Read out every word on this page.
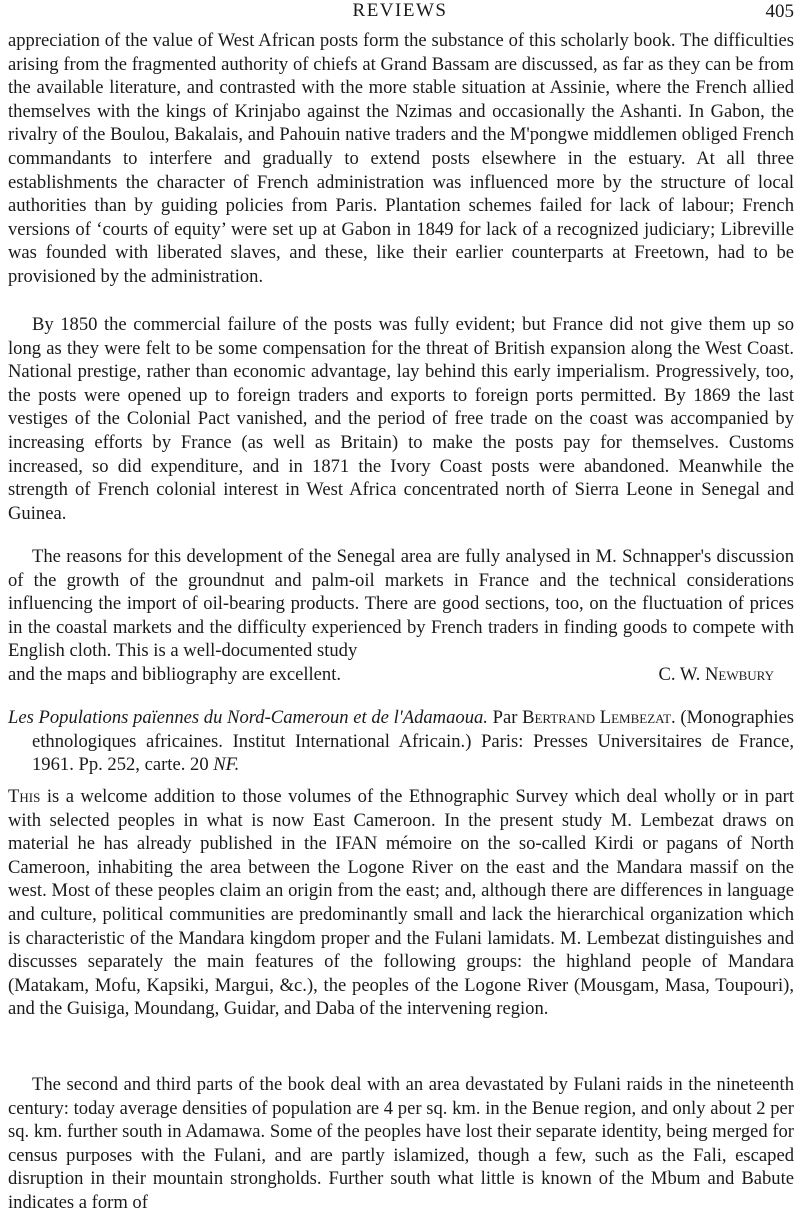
REVIEWS	405

appreciation of the value of West African posts form the substance of this scholarly book. The difficulties arising from the fragmented authority of chiefs at Grand Bassam are discussed, as far as they can be from the available literature, and contrasted with the more stable situation at Assinie, where the French allied themselves with the kings of Krinjabo against the Nzimas and occasionally the Ashanti. In Gabon, the rivalry of the Boulou, Bakalais, and Pahouin native traders and the M'pongwe middlemen obliged French commandants to interfere and gradually to extend posts elsewhere in the estuary. At all three establishments the character of French administration was influenced more by the structure of local authorities than by guiding policies from Paris. Plantation schemes failed for lack of labour; French versions of ‘courts of equity’ were set up at Gabon in 1849 for lack of a recognized judiciary; Libreville was founded with liberated slaves, and these, like their earlier counterparts at Freetown, had to be provisioned by the administration.

By 1850 the commercial failure of the posts was fully evident; but France did not give them up so long as they were felt to be some compensation for the threat of British expansion along the West Coast. National prestige, rather than economic advantage, lay behind this early imperialism. Progressively, too, the posts were opened up to foreign traders and exports to foreign ports permitted. By 1869 the last vestiges of the Colonial Pact vanished, and the period of free trade on the coast was accompanied by increasing efforts by France (as well as Britain) to make the posts pay for themselves. Customs increased, so did expenditure, and in 1871 the Ivory Coast posts were abandoned. Meanwhile the strength of French colonial interest in West Africa concentrated north of Sierra Leone in Senegal and Guinea.

The reasons for this development of the Senegal area are fully analysed in M. Schnapper's discussion of the growth of the groundnut and palm-oil markets in France and the technical considerations influencing the import of oil-bearing products. There are good sections, too, on the fluctuation of prices in the coastal markets and the difficulty experienced by French traders in finding goods to compete with English cloth. This is a well-documented study
and the maps and bibliography are excellent.	C. W. Newbury

Les Populations païennes du Nord-Cameroun et de l'Adamaoua. Par Bertrand Lembezat. (Monographies ethnologiques africaines. Institut International Africain.) Paris: Presses Universitaires de France, 1961. Pp. 252, carte. 20 NF.

This is a welcome addition to those volumes of the Ethnographic Survey which deal wholly or in part with selected peoples in what is now East Cameroon. In the present study M. Lembezat draws on material he has already published in the IFAN mémoire on the so-called Kirdi or pagans of North Cameroon, inhabiting the area between the Logone River on the east and the Mandara massif on the west. Most of these peoples claim an origin from the east; and, although there are differences in language and culture, political communities are predominantly small and lack the hierarchical organization which is characteristic of the Mandara kingdom proper and the Fulani lamidats. M. Lembezat distinguishes and discusses separately the main features of the following groups: the highland people of Mandara (Matakam, Mofu, Kapsiki, Margui, &c.), the peoples of the Logone River (Mousgam, Masa, Toupouri), and the Guisiga, Moundang, Guidar, and Daba of the intervening region.

The second and third parts of the book deal with an area devastated by Fulani raids in the nineteenth century: today average densities of population are 4 per sq. km. in the Benue region, and only about 2 per sq. km. further south in Adamawa. Some of the peoples have lost their separate identity, being merged for census purposes with the Fulani, and are partly islamized, though a few, such as the Fali, escaped disruption in their mountain strongholds. Further south what little is known of the Mbum and Babute indicates a form of
